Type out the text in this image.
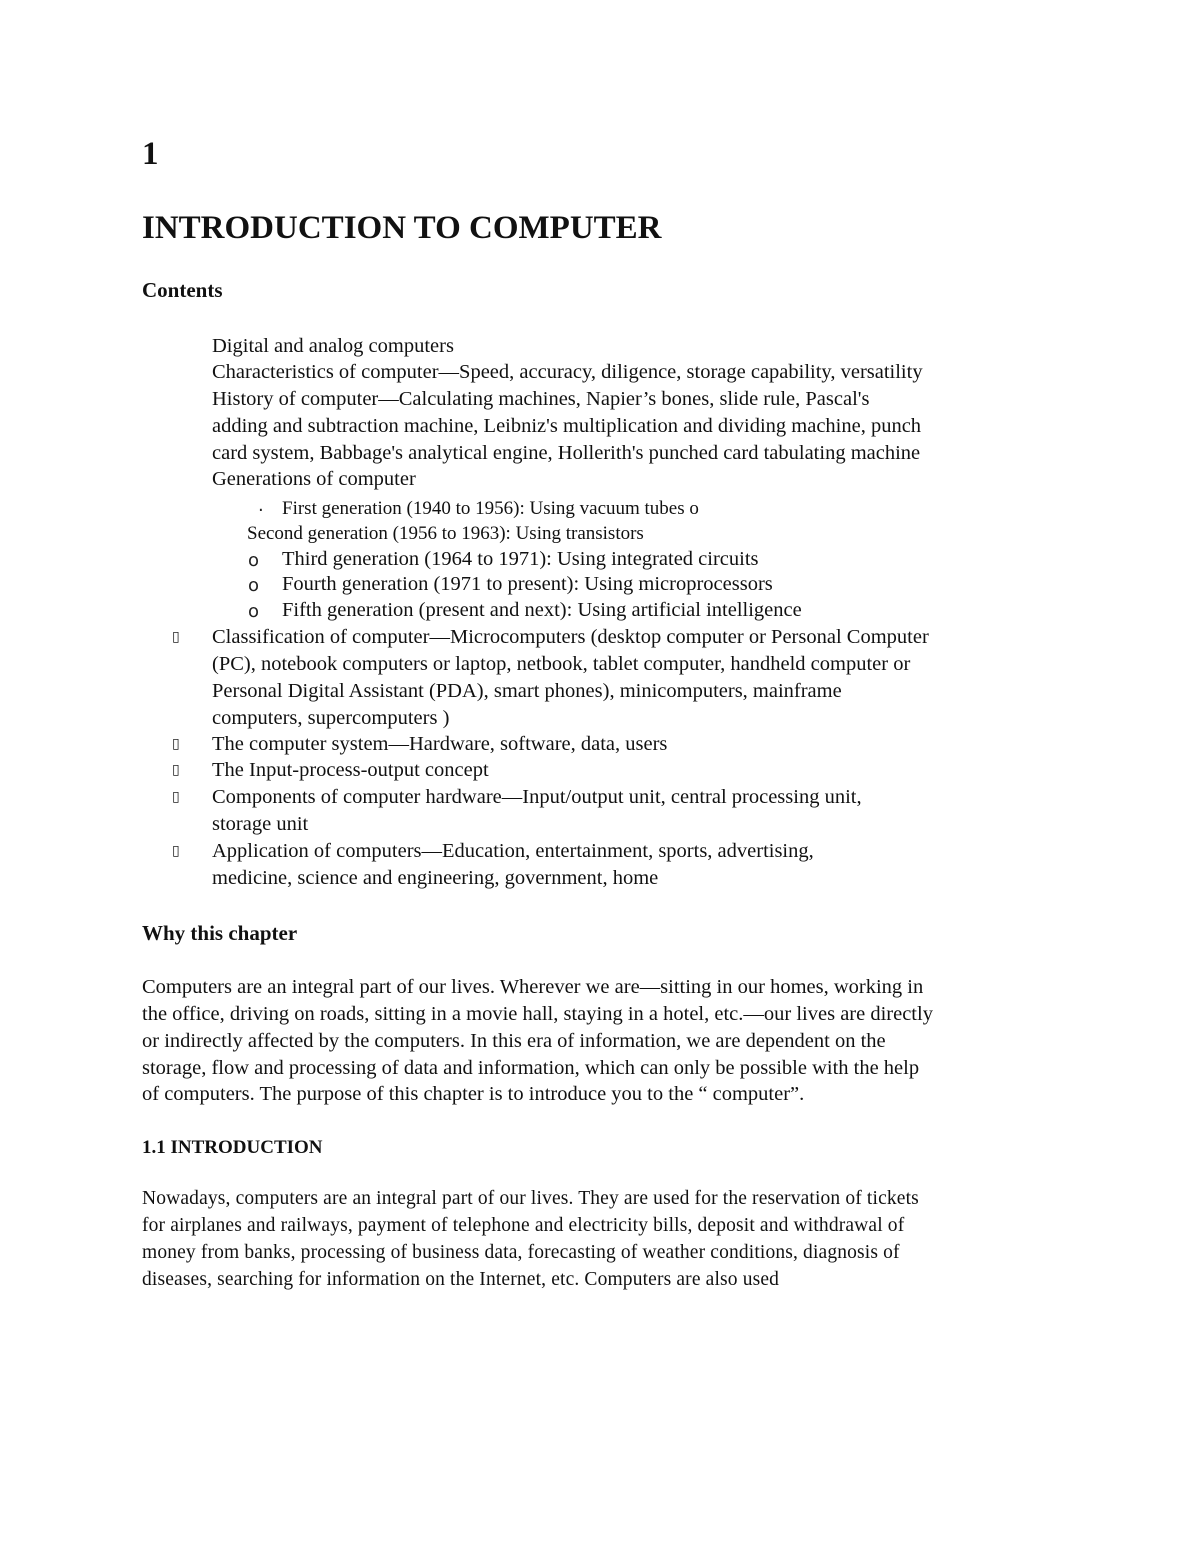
1
INTRODUCTION TO COMPUTER
Contents
Digital and analog computers
Characteristics of computer—Speed, accuracy, diligence, storage capability, versatility
History of computer—Calculating machines, Napier’s bones, slide rule, Pascal's
adding and subtraction machine, Leibniz's multiplication and dividing machine, punch
card system, Babbage's analytical engine, Hollerith's punched card tabulating machine
Generations of computer
. First generation (1940 to 1956): Using vacuum tubes o
Second generation (1956 to 1963): Using transistors
o Third generation (1964 to 1971): Using integrated circuits
o Fourth generation (1971 to present): Using microprocessors
o Fifth generation (present and next): Using artificial intelligence
▯ Classification of computer—Microcomputers (desktop computer or Personal Computer
(PC), notebook computers or laptop, netbook, tablet computer, handheld computer or
Personal Digital Assistant (PDA), smart phones), minicomputers, mainframe
computers, supercomputers )
▯ The computer system—Hardware, software, data, users
▯ The Input-process-output concept
▯ Components of computer hardware—Input/output unit, central processing unit,
storage unit
▯ Application of computers—Education, entertainment, sports, advertising,
medicine, science and engineering, government, home
Why this chapter
Computers are an integral part of our lives. Wherever we are—sitting in our homes, working in
the office, driving on roads, sitting in a movie hall, staying in a hotel, etc.—our lives are directly
or indirectly affected by the computers. In this era of information, we are dependent on the
storage, flow and processing of data and information, which can only be possible with the help
of computers. The purpose of this chapter is to introduce you to the “ computer”.
1.1 INTRODUCTION
Nowadays, computers are an integral part of our lives. They are used for the reservation of tickets
for airplanes and railways, payment of telephone and electricity bills, deposit and withdrawal of
money from banks, processing of business data, forecasting of weather conditions, diagnosis of
diseases, searching for information on the Internet, etc. Computers are also used
